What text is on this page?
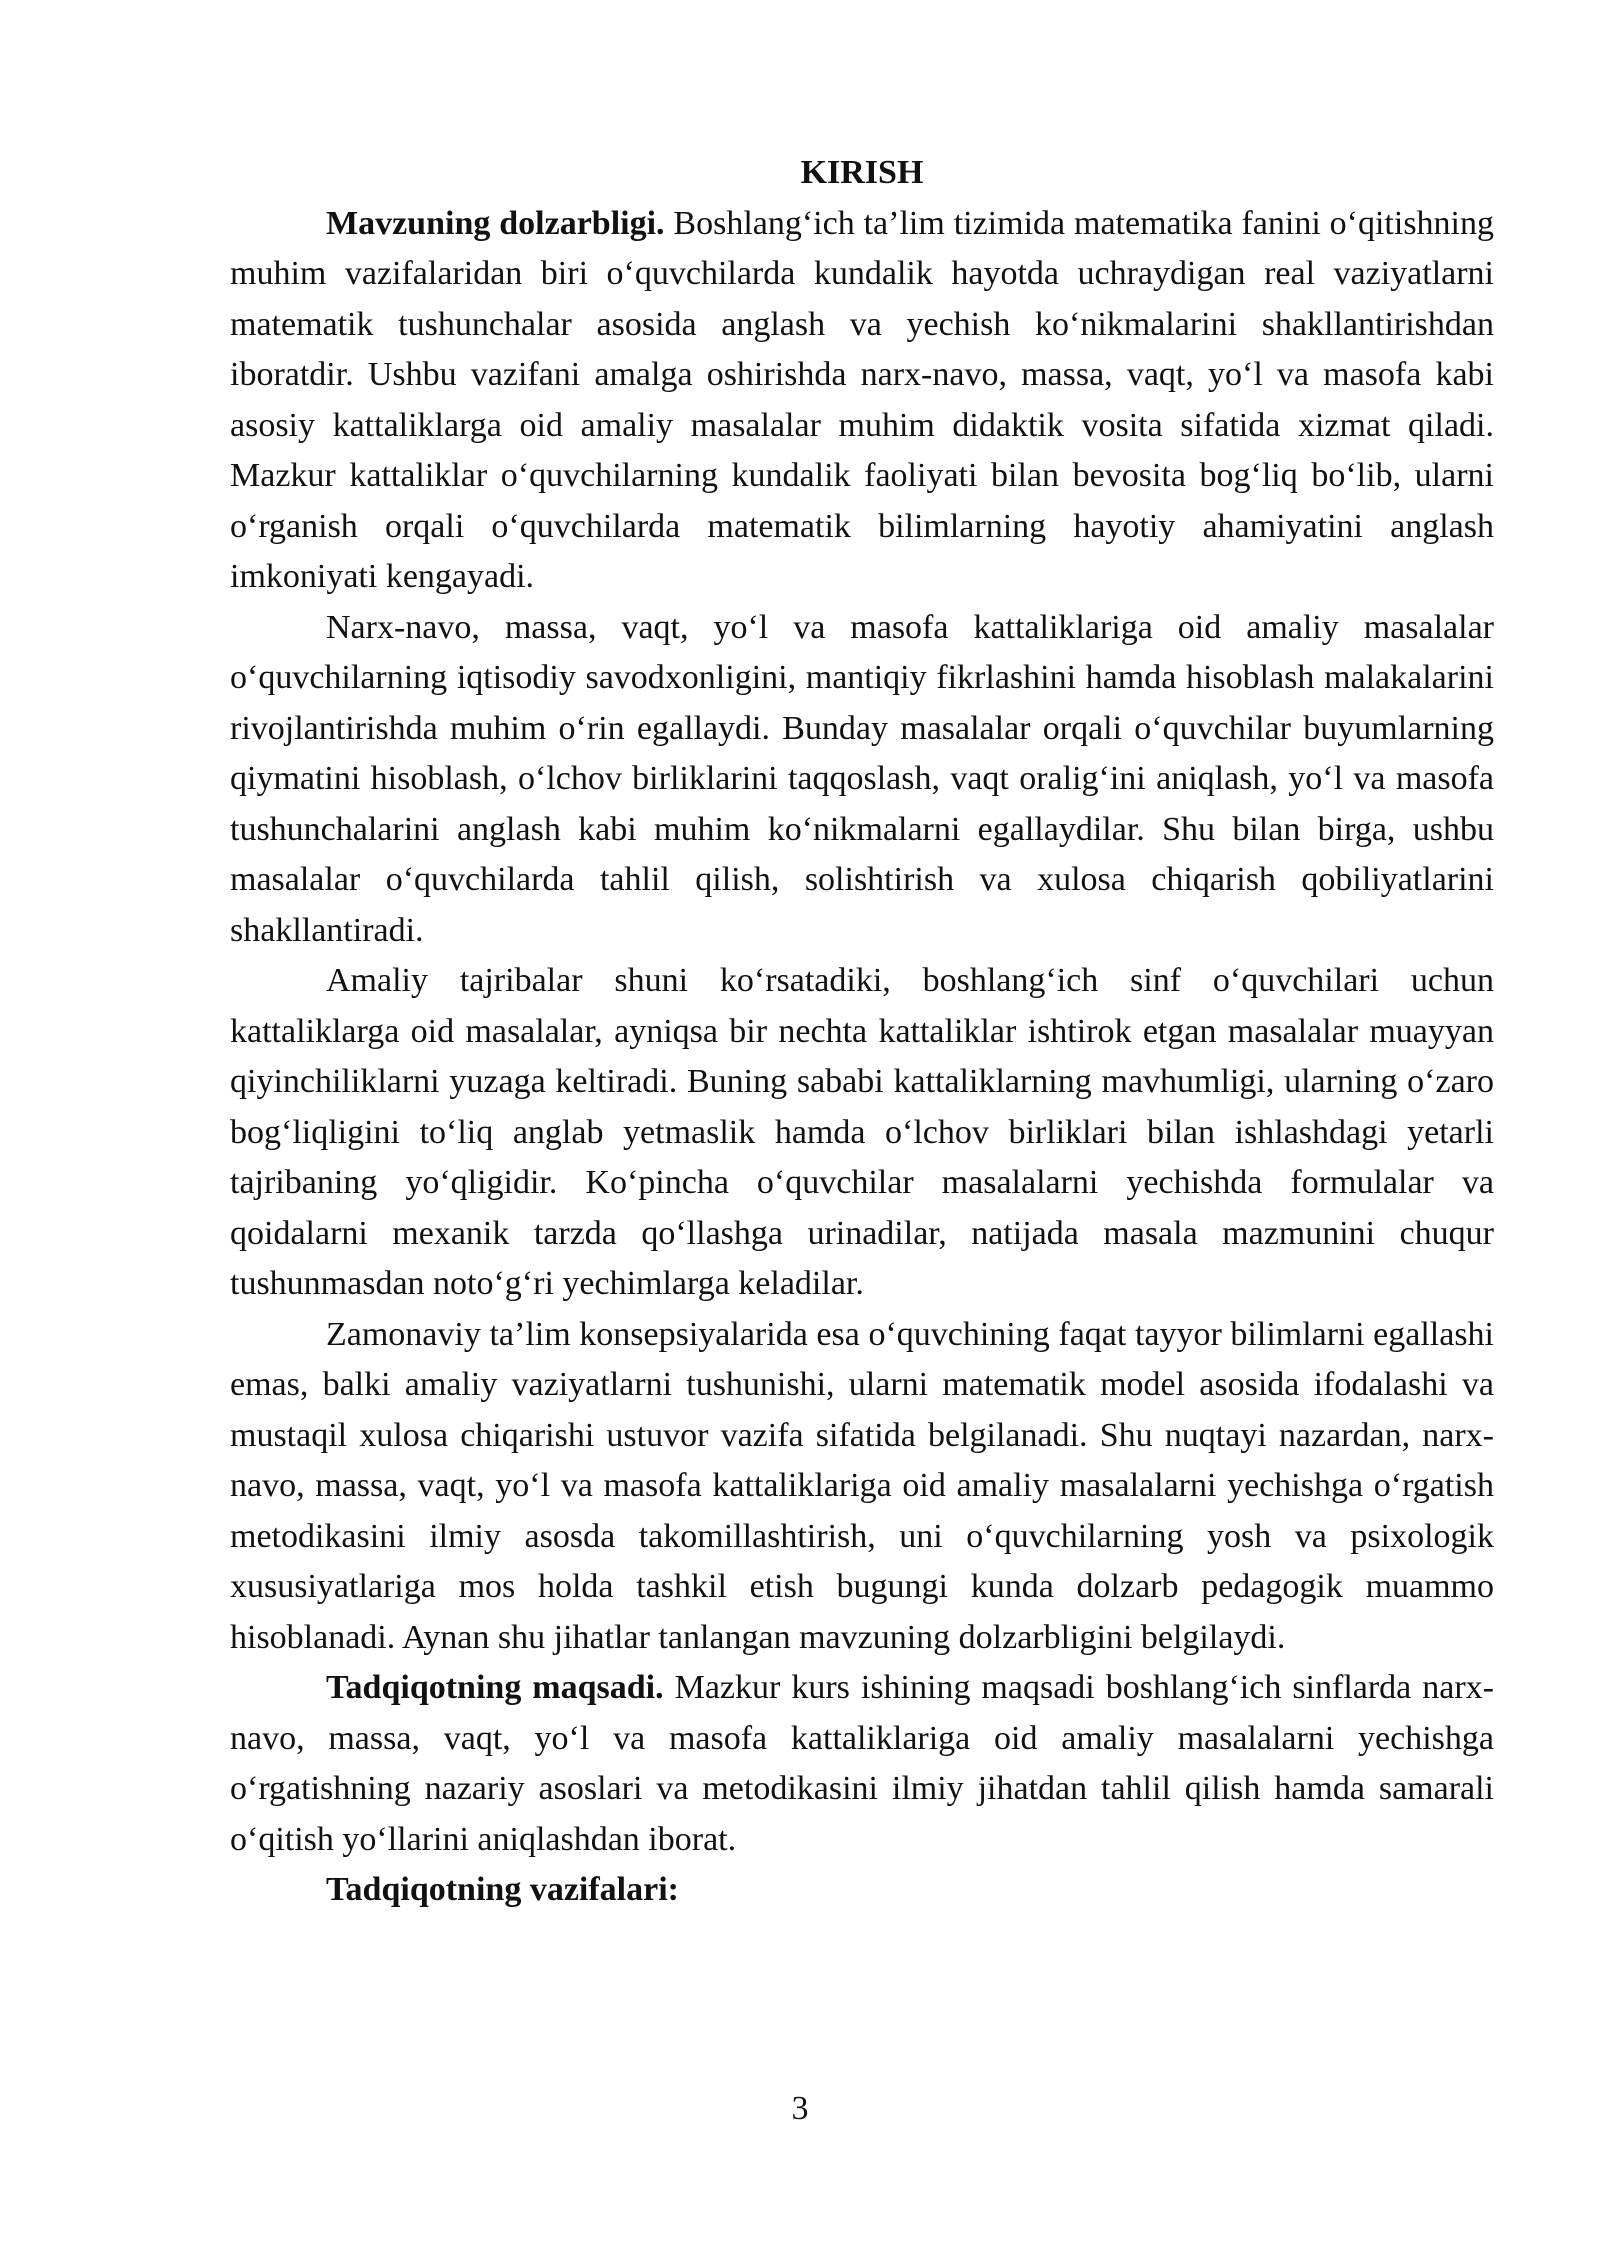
KIRISH

Mavzuning dolzarbligi. Boshlang‘ich ta’lim tizimida matematika fanini o‘qitishning muhim vazifalaridan biri o‘quvchilarda kundalik hayotda uchraydigan real vaziyatlarni matematik tushunchalar asosida anglash va yechish ko‘nikmalarini shakllantirishdan iboratdir. Ushbu vazifani amalga oshirishda narx-navo, massa, vaqt, yo‘l va masofa kabi asosiy kattaliklarga oid amaliy masalalar muhim didaktik vosita sifatida xizmat qiladi. Mazkur kattaliklar o‘quvchilarning kundalik faoliyati bilan bevosita bog‘liq bo‘lib, ularni o‘rganish orqali o‘quvchilarda matematik bilimlarning hayotiy ahamiyatini anglash imkoniyati kengayadi.

Narx-navo, massa, vaqt, yo‘l va masofa kattaliklariga oid amaliy masalalar o‘quvchilarning iqtisodiy savodxonligini, mantiqiy fikrlashini hamda hisoblash malakalarini rivojlantirishda muhim o‘rin egallaydi. Bunday masalalar orqali o‘quvchilar buyumlarning qiymatini hisoblash, o‘lchov birliklarini taqqoslash, vaqt oralig‘ini aniqlash, yo‘l va masofa tushunchalarini anglash kabi muhim ko‘nikmalarni egallaydilar. Shu bilan birga, ushbu masalalar o‘quvchilarda tahlil qilish, solishtirish va xulosa chiqarish qobiliyatlarini shakllantiradi.

Amaliy tajribalar shuni ko‘rsatadiki, boshlang‘ich sinf o‘quvchilari uchun kattaliklarga oid masalalar, ayniqsa bir nechta kattaliklar ishtirok etgan masalalar muayyan qiyinchiliklarni yuzaga keltiradi. Buning sababi kattaliklarning mavhumligi, ularning o‘zaro bog‘liqligini to‘liq anglab yetmaslik hamda o‘lchov birliklari bilan ishlashdagi yetarli tajribaning yo‘qligidir. Ko‘pincha o‘quvchilar masalalarni yechishda formulalar va qoidalarni mexanik tarzda qo‘llashga urinadilar, natijada masala mazmunini chuqur tushunmasdan noto‘g‘ri yechimlarga keladilar.

Zamonaviy ta’lim konsepsiyalarida esa o‘quvchining faqat tayyor bilimlarni egallashi emas, balki amaliy vaziyatlarni tushunishi, ularni matematik model asosida ifodalashi va mustaqil xulosa chiqarishi ustuvor vazifa sifatida belgilanadi. Shu nuqtayi nazardan, narx-navo, massa, vaqt, yo‘l va masofa kattaliklariga oid amaliy masalalarni yechishga o‘rgatish metodikasini ilmiy asosda takomillashtirish, uni o‘quvchilarning yosh va psixologik xususiyatlariga mos holda tashkil etish bugungi kunda dolzarb pedagogik muammo hisoblanadi. Aynan shu jihatlar tanlangan mavzuning dolzarbligini belgilaydi.

Tadqiqotning maqsadi. Mazkur kurs ishining maqsadi boshlang‘ich sinflarda narx-navo, massa, vaqt, yo‘l va masofa kattaliklariga oid amaliy masalalarni yechishga o‘rgatishning nazariy asoslari va metodikasini ilmiy jihatdan tahlil qilish hamda samarali o‘qitish yo‘llarini aniqlashdan iborat.

Tadqiqotning vazifalari:

3
